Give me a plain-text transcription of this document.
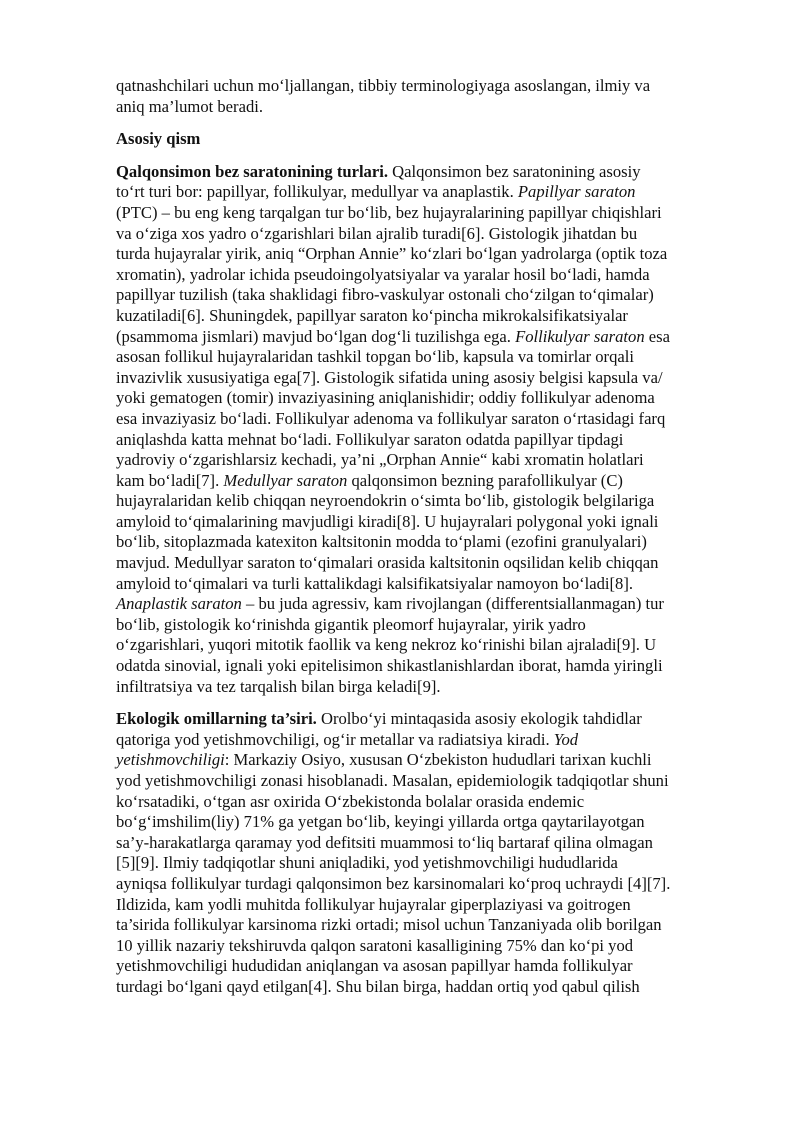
qatnashchilari uchun mo‘ljallangan, tibbiy terminologiyaga asoslangan, ilmiy va

aniq ma’lumot beradi.

Asosiy qism

Qalqonsimon bez saratonining turlari. Qalqonsimon bez saratonining asosiy

to‘rt turi bor: papillyar, follikulyar, medullyar va anaplastik. Papillyar saraton

(PTC) – bu eng keng tarqalgan tur bo‘lib, bez hujayralarining papillyar chiqishlari

va o‘ziga xos yadro o‘zgarishlari bilan ajralib turadi[6]. Gistologik jihatdan bu

turda hujayralar yirik, aniq “Orphan Annie” ko‘zlari bo‘lgan yadrolarga (optik toza

xromatin), yadrolar ichida pseudoingolyatsiyalar va yaralar hosil bo‘ladi, hamda

papillyar tuzilish (taka shaklidagi fibro-vaskulyar ostonali cho‘zilgan to‘qimalar)

kuzatiladi[6]. Shuningdek, papillyar saraton ko‘pincha mikrokalsifikatsiyalar

(psammoma jismlari) mavjud bo‘lgan dog‘li tuzilishga ega. Follikulyar saraton esa

asosan follikul hujayralaridan tashkil topgan bo‘lib, kapsula va tomirlar orqali

invazivlik xususiyatiga ega[7]. Gistologik sifatida uning asosiy belgisi kapsula va/

yoki gematogen (tomir) invaziyasining aniqlanishidir; oddiy follikulyar adenoma

esa invaziyasiz bo‘ladi. Follikulyar adenoma va follikulyar saraton o‘rtasidagi farq

aniqlashda katta mehnat bo‘ladi. Follikulyar saraton odatda papillyar tipdagi

yadroviy o‘zgarishlarsiz kechadi, ya’ni „Orphan Annie“ kabi xromatin holatlari

kam bo‘ladi[7]. Medullyar saraton qalqonsimon bezning parafollikulyar (C)

hujayralaridan kelib chiqqan neyroendokrin o‘simta bo‘lib, gistologik belgilariga

amyloid to‘qimalarining mavjudligi kiradi[8]. U hujayralari polygonal yoki ignali

bo‘lib, sitoplazmada katexiton kaltsitonin modda to‘plami (ezofini granulyalari)

mavjud. Medullyar saraton to‘qimalari orasida kaltsitonin oqsilidan kelib chiqqan

amyloid to‘qimalari va turli kattalikdagi kalsifikatsiyalar namoyon bo‘ladi[8].

Anaplastik saraton – bu juda agressiv, kam rivojlangan (differentsiallanmagan) tur

bo‘lib, gistologik ko‘rinishda gigantik pleomorf hujayralar, yirik yadro

o‘zgarishlari, yuqori mitotik faollik va keng nekroz ko‘rinishi bilan ajraladi[9]. U

odatda sinovial, ignali yoki epitelisimon shikastlanishlardan iborat, hamda yiringli

infiltratsiya va tez tarqalish bilan birga keladi[9].

Ekologik omillarning ta’siri. Orolbo‘yi mintaqasida asosiy ekologik tahdidlar

qatoriga yod yetishmovchiligi, og‘ir metallar va radiatsiya kiradi. Yod

yetishmovchiligi: Markaziy Osiyo, xususan O‘zbekiston hududlari tarixan kuchli

yod yetishmovchiligi zonasi hisoblanadi. Masalan, epidemiologik tadqiqotlar shuni

ko‘rsatadiki, o‘tgan asr oxirida O‘zbekistonda bolalar orasida endemic

bo‘g‘imshilim(liy) 71% ga yetgan bo‘lib, keyingi yillarda ortga qaytarilayotgan

sa’y-harakatlarga qaramay yod defitsiti muammosi to‘liq bartaraf qilina olmagan

[5][9]. Ilmiy tadqiqotlar shuni aniqladiki, yod yetishmovchiligi hududlarida

ayniqsa follikulyar turdagi qalqonsimon bez karsinomalari ko‘proq uchraydi [4][7].

Ildizida, kam yodli muhitda follikulyar hujayralar giperplaziyasi va goitrogen

ta’sirida follikulyar karsinoma rizki ortadi; misol uchun Tanzaniyada olib borilgan

10 yillik nazariy tekshiruvda qalqon saratoni kasalligining 75% dan ko‘pi yod

yetishmovchiligi hududidan aniqlangan va asosan papillyar hamda follikulyar

turdagi bo‘lgani qayd etilgan[4]. Shu bilan birga, haddan ortiq yod qabul qilish
